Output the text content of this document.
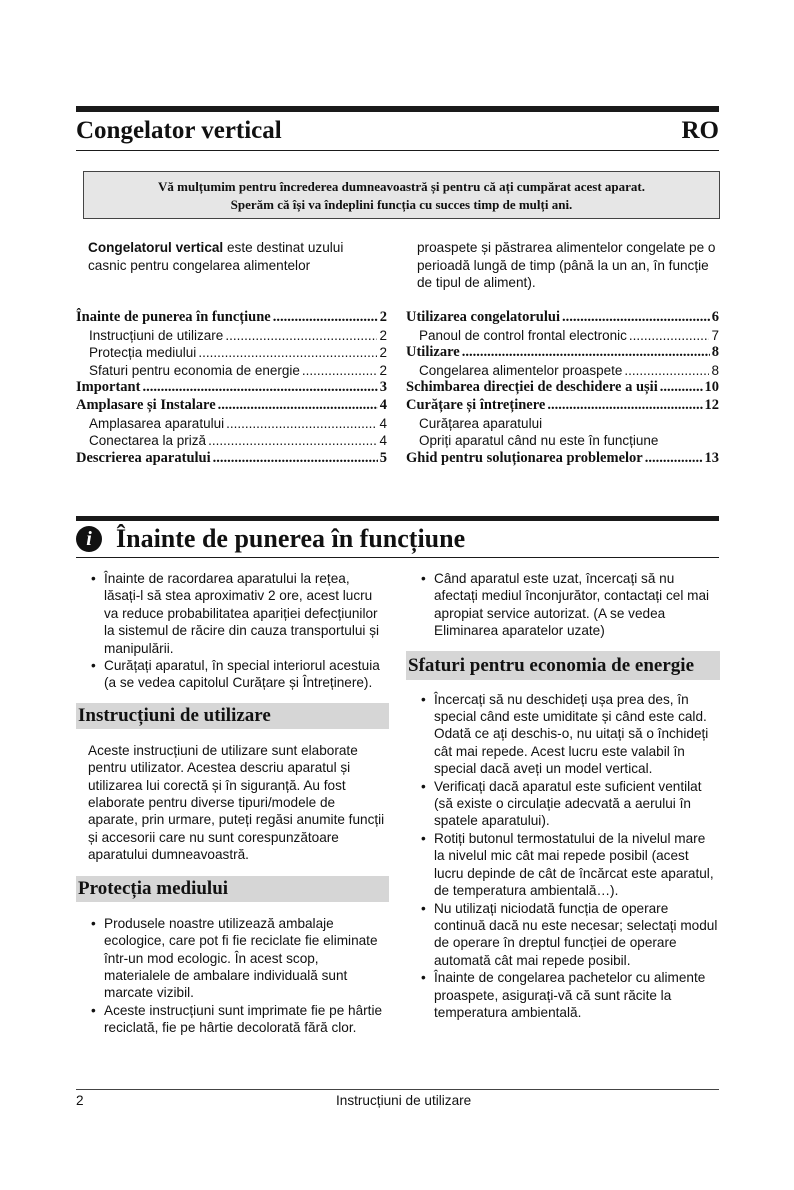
Congelator vertical	RO
Vă mulțumim pentru încrederea dumneavoastră și pentru că ați cumpărat acest aparat.
Sperăm că își va îndeplini funcția cu succes timp de mulți ani.
Congelatorul vertical este destinat uzului casnic pentru congelarea alimentelor
proaspete și păstrarea alimentelor congelate pe o perioadă lungă de timp (până la un an, în funcție de tipul de aliment).
Înainte de punerea în funcțiune .....	2
Instrucțiuni de utilizare .....	2
Protecția mediului .....	2
Sfaturi pentru economia de energie .....	2
Important .....	3
Amplasare și Instalare .....	4
Amplasarea aparatului .....	4
Conectarea la priză .....	4
Descrierea aparatului .....	5
Utilizarea congelatorului .....	6
Panoul de control frontal electronic .....	7
Utilizare .....	8
Congelarea alimentelor proaspete .....	8
Schimbarea direcției de deschidere a ușii .....	10
Curățare și întreținere .....	12
Curățarea aparatului
Opriți aparatul când nu este în funcțiune
Ghid pentru soluționarea problemelor .....	13
i Înainte de punerea în funcțiune
• Înainte de racordarea aparatului la rețea, lăsați-l să stea aproximativ 2 ore, acest lucru va reduce probabilitatea apariției defecțiunilor la sistemul de răcire din cauza transportului și manipulării.
• Curățați aparatul, în special interiorul acestuia (a se vedea capitolul Curățare și Întreținere).
Instrucțiuni de utilizare
Aceste instrucțiuni de utilizare sunt elaborate pentru utilizator. Acestea descriu aparatul și utilizarea lui corectă și în siguranță. Au fost elaborate pentru diverse tipuri/modele de aparate, prin urmare, puteți regăsi anumite funcții și accesorii care nu sunt corespunzătoare aparatului dumneavoastră.
Protecția mediului
• Produsele noastre utilizează ambalaje ecologice, care pot fi fie reciclate fie eliminate într-un mod ecologic. În acest scop, materialele de ambalare individuală sunt marcate vizibil.
• Aceste instrucțiuni sunt imprimate fie pe hârtie reciclată, fie pe hârtie decolorată fără clor.
• Când aparatul este uzat, încercați să nu afectați mediul înconjurător, contactați cel mai apropiat service autorizat. (A se vedea Eliminarea aparatelor uzate)
Sfaturi pentru economia de energie
• Încercați să nu deschideți ușa prea des, în special când este umiditate și când este cald. Odată ce ați deschis-o, nu uitați să o închideți cât mai repede. Acest lucru este valabil în special dacă aveți un model vertical.
• Verificați dacă aparatul este suficient ventilat (să existe o circulație adecvată a aerului în spatele aparatului).
• Rotiți butonul termostatului de la nivelul mare la nivelul mic cât mai repede posibil (acest lucru depinde de cât de încărcat este aparatul, de temperatura ambientală…).
• Nu utilizați niciodată funcția de operare continuă dacă nu este necesar; selectați modul de operare în dreptul funcției de operare automată cât mai repede posibil.
• Înainte de congelarea pachetelor cu alimente proaspete, asigurați-vă că sunt răcite la temperatura ambientală.
2	Instrucțiuni de utilizare
